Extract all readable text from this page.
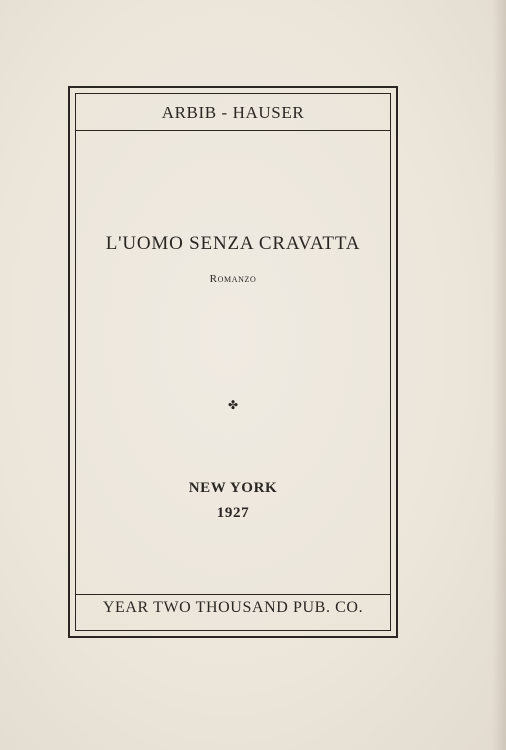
ARBIB - HAUSER
L'UOMO SENZA CRAVATTA
Romanzo
✤
NEW YORK
1927
YEAR TWO THOUSAND PUB. CO.
